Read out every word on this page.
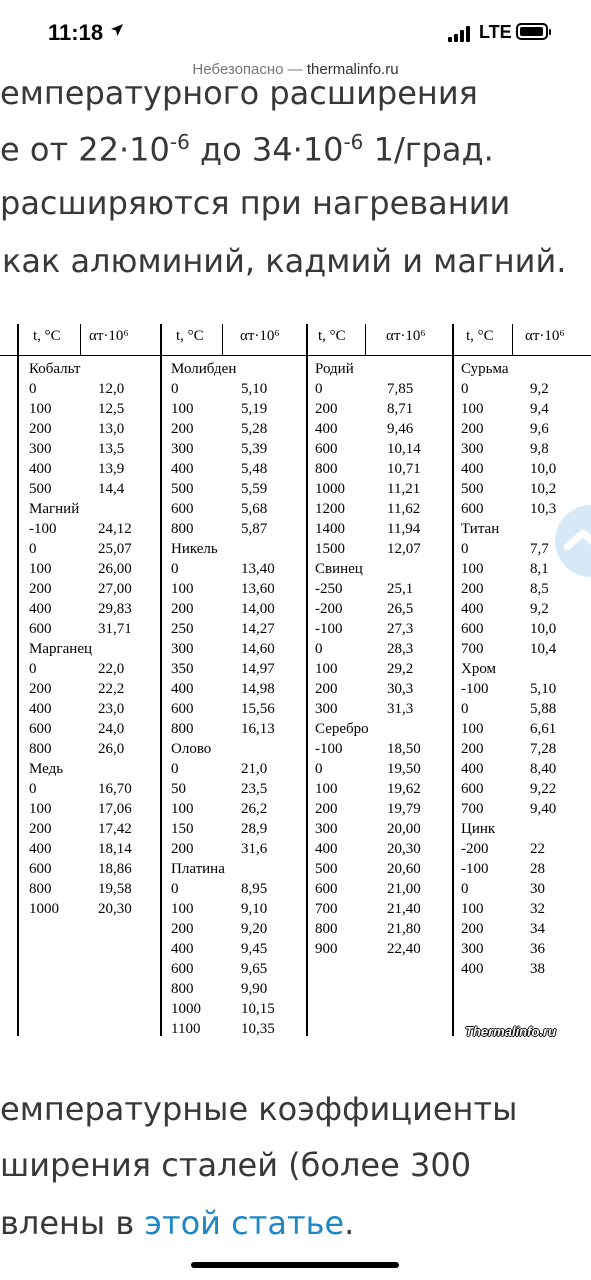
11:18	LTE
Небезопасно — thermalinfo.ru
емпературного расширения
е от $22\cdot 10^{-6}$ до $34\cdot 10^{-6}$ 1/град.
расширяются при нагревании
как алюминий, кадмий и магний.
t, °C αт·10⁶	t, °C αт·10⁶	t, °C	αт·10⁶	t, °C αт·10⁶
Thermalinfo.ru
Кобальт
0	12,0
100	12,5
200	13,0
300	13,5
400	13,9
500	14,4
Магний
-100	24,12
0	25,07
100	26,00
200	27,00
400	29,83
600	31,71
Марганец
0	22,0
200	22,2
400	23,0
600	24,0
800	26,0
Медь
0	16,70
100	17,06
200	17,42
400	18,14
600	18,86
800	19,58
1000	20,30
Молибден
0	5,10
100	5,19
200	5,28
300	5,39
400	5,48
500	5,59
600	5,68
800	5,87
Никель
0	13,40
100	13,60
200	14,00
250	14,27
300	14,60
350	14,97
400	14,98
600	15,56
800	16,13
Олово
0	21,0
50	23,5
100	26,2
150	28,9
200	31,6
Платина
0	8,95
100	9,10
200	9,20
400	9,45
600	9,65
800	9,90
1000	10,15
1100	10,35
Родий
0	7,85
200	8,71
400	9,46
600	10,14
800	10,71
1000	11,21
1200	11,62
1400	11,94
1500	12,07
Свинец
-250	25,1
-200	26,5
-100	27,3
0	28,3
100	29,2
200	30,3
300	31,3
Серебро
-100	18,50
0	19,50
100	19,62
200	19,79
300	20,00
400	20,30
500	20,60
600	21,00
700	21,40
800	21,80
900	22,40
Сурьма
0	9,2
100	9,4
200	9,6
300	9,8
400	10,0
500	10,2
600	10,3
Титан
0	7,7
100	8,1
200	8,5
400	9,2
600	10,0
700	10,4
Хром
-100	5,10
0	5,88
100	6,61
200	7,28
400	8,40
600	9,22
700	9,40
Цинк
-200	22
-100	28
0	30
100	32
200	34
300	36
400	38
емпературные коэффициенты
ширения сталей (более 300
влены в этой статье.
